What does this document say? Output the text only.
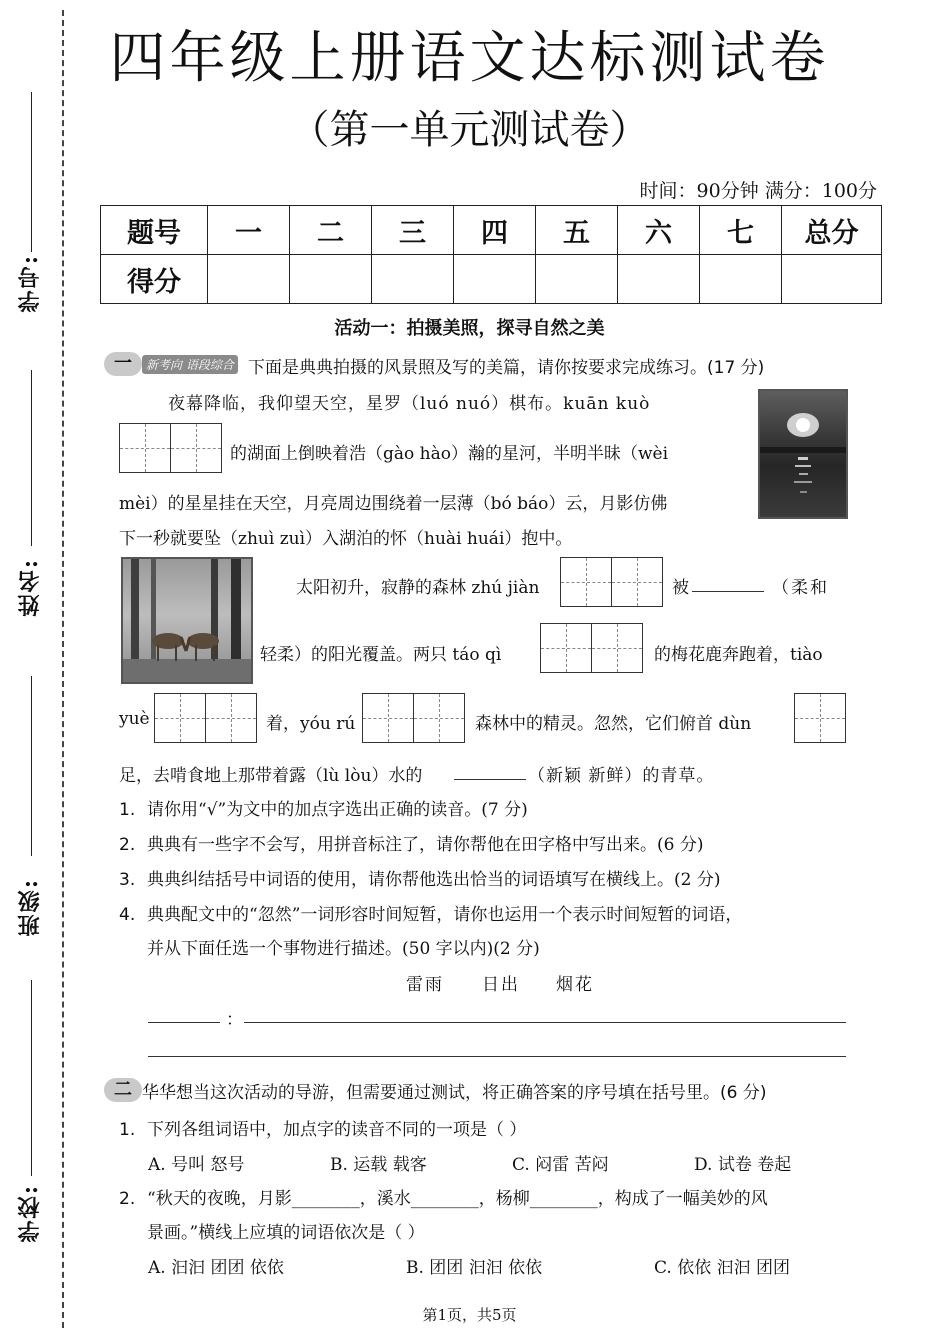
学号:
姓名:
班级:
学校:
四年级上册语文达标测试卷
（第一单元测试卷）
时间：90分钟 满分：100分
题号	一	二	三	四	五	六	七	总分
得分								
活动一：拍摄美照，探寻自然之美
一	新考向 语段综合 下面是典典拍摄的风景照及写的美篇，请你按要求完成练习。(17 分)
夜幕降临，我仰望天空，星罗（luó nuó）棋布。kuān kuò
的湖面上倒映着浩（gào hào）瀚的星河，半明半昧（wèi
mèi）的星星挂在天空，月亮周边围绕着一层薄（bó báo）云，月影仿佛
下一秒就要坠（zhuì zuì）入湖泊的怀（huài huái）抱中。
太阳初升，寂静的森林 zhú jiàn	被	（柔和
轻柔）的阳光覆盖。两只 táo qì	的梅花鹿奔跑着，tiào
yuè	着，yóu rú	森林中的精灵。忽然，它们俯首 dùn
足，去啃食地上那带着露（lù lòu）水的	（新颖 新鲜）的青草。
1. 请你用“√”为文中的加点字选出正确的读音。(7 分)
2. 典典有一些字不会写，用拼音标注了，请你帮他在田字格中写出来。(6 分)
3. 典典纠结括号中词语的使用，请你帮他选出恰当的词语填写在横线上。(2 分)
4. 典典配文中的“忽然”一词形容时间短暂，请你也运用一个表示时间短暂的词语，
并从下面任选一个事物进行描述。(50 字以内)(2 分)
雷雨 日出 烟花
：
二 华华想当这次活动的导游，但需要通过测试，将正确答案的序号填在括号里。(6 分)
1. 下列各组词语中，加点字的读音不同的一项是（ ）
A. 号叫 怒号	B. 运载 载客	C. 闷雷 苦闷	D. 试卷 卷起
2. “秋天的夜晚，月影________，溪水________，杨柳________，构成了一幅美妙的风
景画。”横线上应填的词语依次是（ ）
A. 汩汩 团团 依依	B. 团团 汩汩 依依	C. 依依 汩汩 团团
第1页，共5页
